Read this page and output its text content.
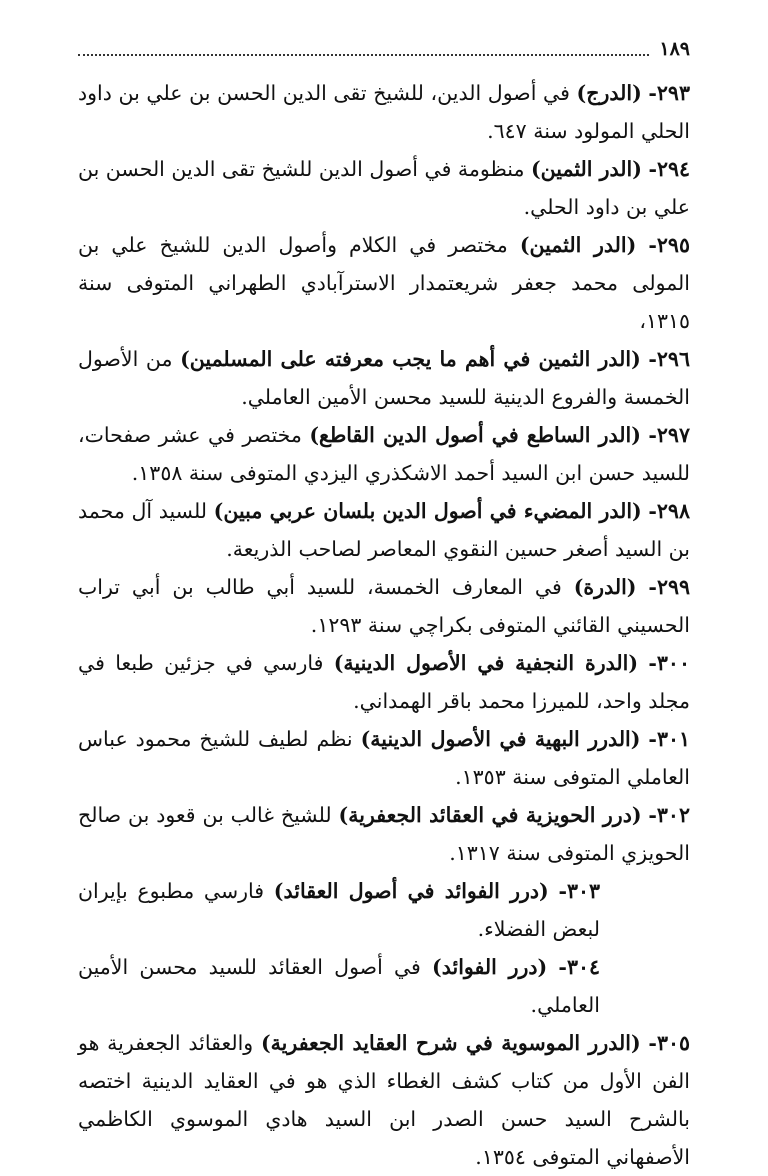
١٨٩

٢٩٣- (الدرج) في أصول الدين، للشيخ تقى الدين الحسن بن علي بن داود الحلي المولود سنة ٦٤٧.

٢٩٤- (الدر الثمين) منظومة في أصول الدين للشيخ تقى الدين الحسن بن علي بن داود الحلي.

٢٩٥- (الدر الثمين) مختصر في الكلام وأصول الدين للشيخ علي بن المولى محمد جعفر شريعتمدار الاسترآبادي الطهراني المتوفى سنة ١٣١٥،

٢٩٦- (الدر الثمين في أهم ما يجب معرفته على المسلمين) من الأصول الخمسة والفروع الدينية للسيد محسن الأمين العاملي.

٢٩٧- (الدر الساطع في أصول الدين القاطع) مختصر في عشر صفحات، للسيد حسن ابن السيد أحمد الاشكذري اليزدي المتوفى سنة ١٣٥٨.

٢٩٨- (الدر المضيء في أصول الدين بلسان عربي مبين) للسيد آل محمد بن السيد أصغر حسين النقوي المعاصر لصاحب الذريعة.

٢٩٩- (الدرة) في المعارف الخمسة، للسيد أبي طالب بن أبي تراب الحسيني القائني المتوفى بكراچي سنة ١٢٩٣.

٣٠٠- (الدرة النجفية في الأصول الدينية) فارسي في جزئين طبعا في مجلد واحد، للميرزا محمد باقر الهمداني.

٣٠١- (الدرر البهية في الأصول الدينية) نظم لطيف للشيخ محمود عباس العاملي المتوفى سنة ١٣٥٣.

٣٠٢- (درر الحويزية في العقائد الجعفرية) للشيخ غالب بن قعود بن صالح الحويزي المتوفى سنة ١٣١٧.

٣٠٣- (درر الفوائد في أصول العقائد) فارسي مطبوع بإيران لبعض الفضلاء.

٣٠٤- (درر الفوائد) في أصول العقائد للسيد محسن الأمين العاملي.

٣٠٥- (الدرر الموسوية في شرح العقايد الجعفرية) والعقائد الجعفرية هو الفن الأول من كتاب كشف الغطاء الذي هو في العقايد الدينية اختصه بالشرح السيد حسن الصدر ابن السيد هادي الموسوي الكاظمي الأصفهاني المتوفى ١٣٥٤.
